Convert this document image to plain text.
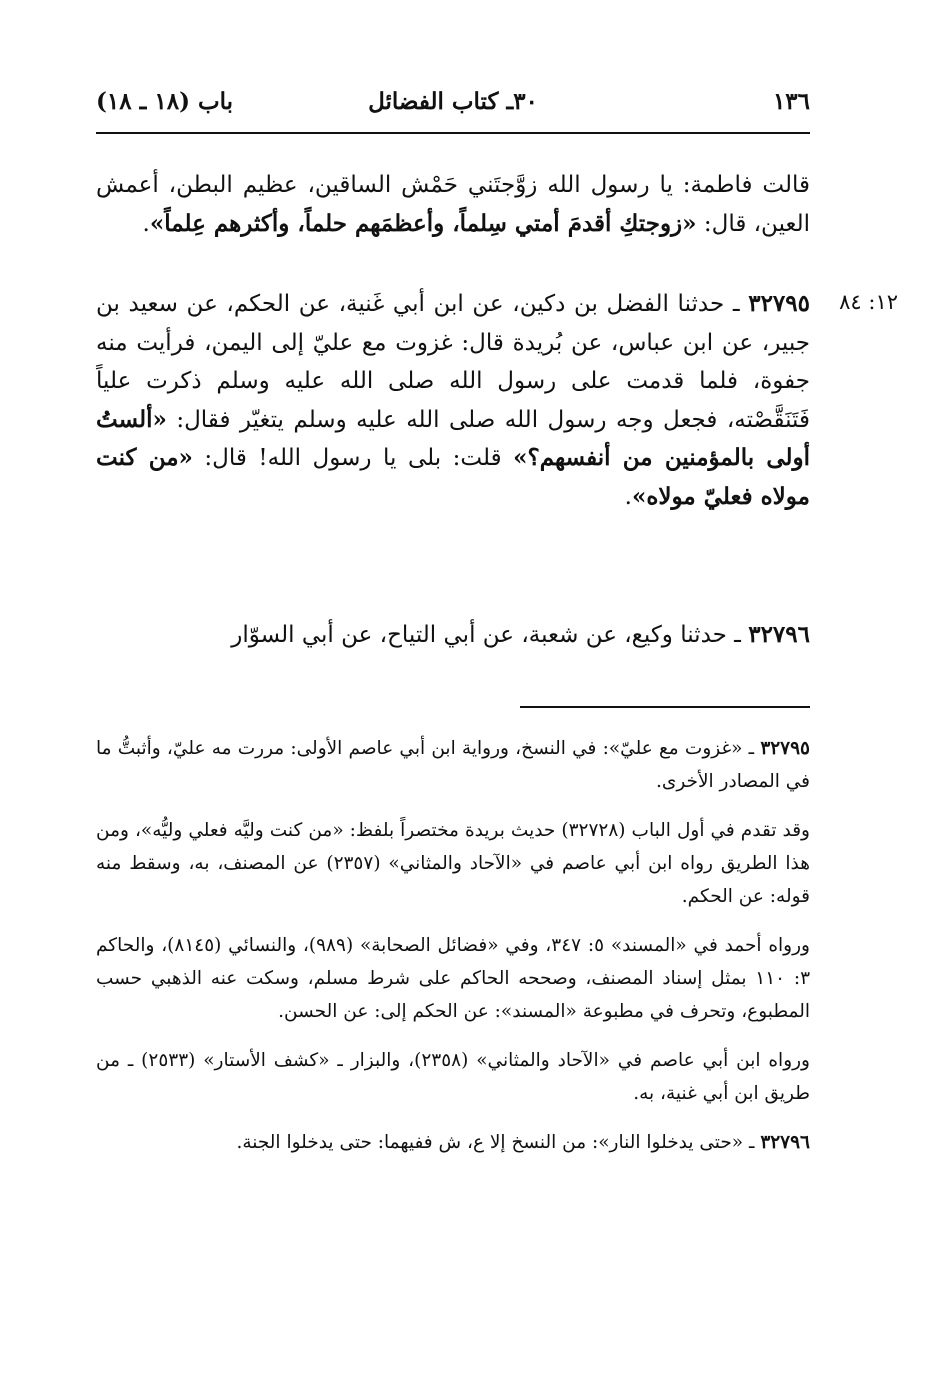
١٣٦
٣٠ـ كتاب الفضائل
باب (١٨ ـ ١٨)
قالت فاطمة: يا رسول الله زوَّجتَني حَمْش الساقين، عظيم البطن، أعمش العين، قال: «زوجتكِ أقدمَ أمتي سِلماً، وأعظمَهم حلماً، وأكثرهم عِلماً».
١٢: ٨٤
٣٢٧٩٥ ـ حدثنا الفضل بن دكين، عن ابن أبي غَنية، عن الحكم، عن سعيد بن جبير، عن ابن عباس، عن بُريدة قال: غزوت مع عليّ إلى اليمن، فرأيت منه جفوة، فلما قدمت على رسول الله صلى الله عليه وسلم ذكرت علياً فَتَنَقَّصْته، فجعل وجه رسول الله صلى الله عليه وسلم يتغيّر فقال: «ألستُ أولى بالمؤمنين من أنفسهم؟» قلت: بلى يا رسول الله! قال: «من كنت مولاه فعليّ مولاه».
٣٢٧٩٦ ـ حدثنا وكيع، عن شعبة، عن أبي التياح، عن أبي السوّار

٣٢٧٩٥ ـ «غزوت مع عليّ»: في النسخ، ورواية ابن أبي عاصم الأولى: مررت مه عليّ، وأثبتُّ ما في المصادر الأخرى.

وقد تقدم في أول الباب (٣٢٧٢٨) حديث بريدة مختصراً بلفظ: «من كنت وليَّه فعلي وليُّه»، ومن هذا الطريق رواه ابن أبي عاصم في «الآحاد والمثاني» (٢٣٥٧) عن المصنف، به، وسقط منه قوله: عن الحكم.

ورواه أحمد في «المسند» ٥: ٣٤٧، وفي «فضائل الصحابة» (٩٨٩)، والنسائي (٨١٤٥)، والحاكم ٣: ١١٠ بمثل إسناد المصنف، وصححه الحاكم على شرط مسلم، وسكت عنه الذهبي حسب المطبوع، وتحرف في مطبوعة «المسند»: عن الحكم إلى: عن الحسن.

ورواه ابن أبي عاصم في «الآحاد والمثاني» (٢٣٥٨)، والبزار ـ «كشف الأستار» (٢٥٣٣) ـ من طريق ابن أبي غنية، به.

٣٢٧٩٦ ـ «حتى يدخلوا النار»: من النسخ إلا ع، ش ففيهما: حتى يدخلوا الجنة.
